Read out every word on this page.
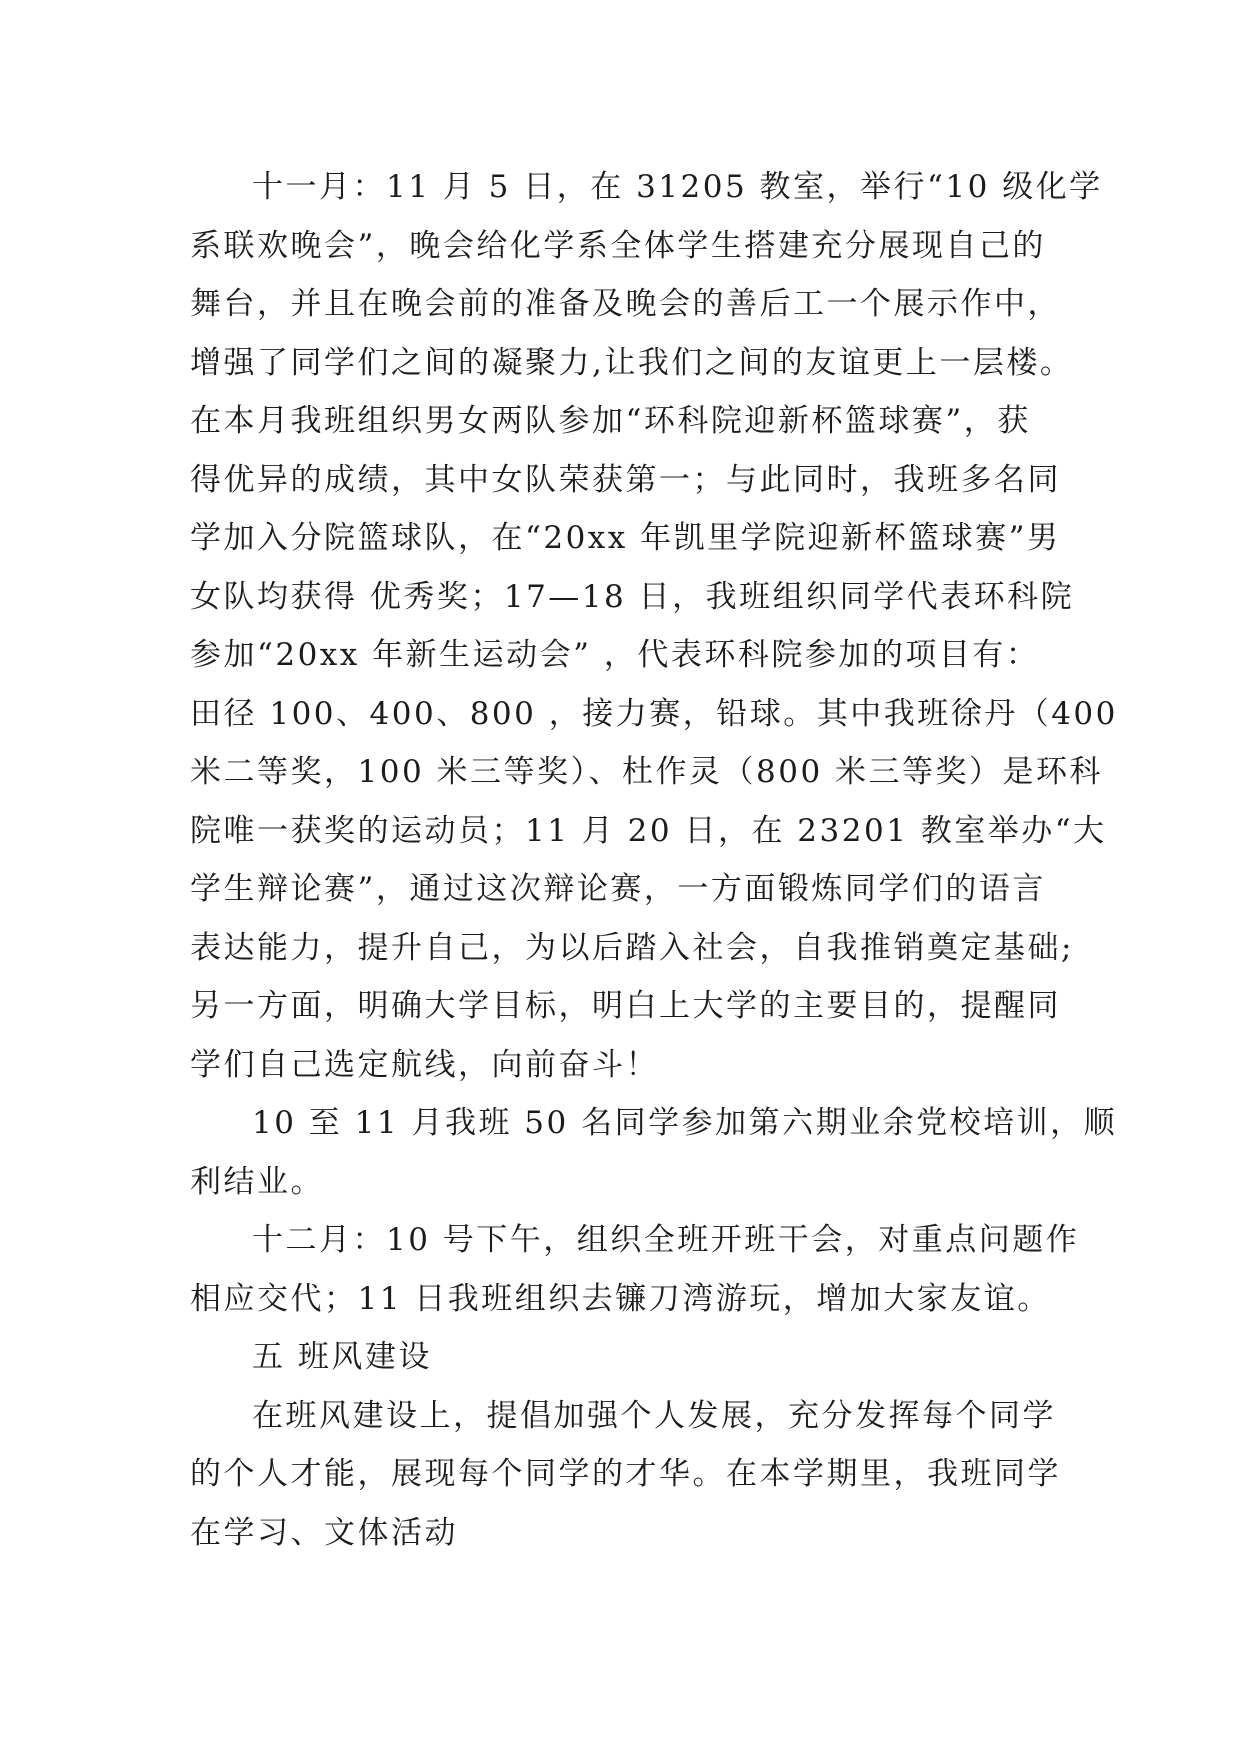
十一月：11 月 5 日，在 31205 教室，举行“10 级化学
系联欢晚会”，晚会给化学系全体学生搭建充分展现自己的
舞台，并且在晚会前的准备及晚会的善后工一个展示作中，
增强了同学们之间的凝聚力,让我们之间的友谊更上一层楼。
在本月我班组织男女两队参加“环科院迎新杯篮球赛”，获
得优异的成绩，其中女队荣获第一；与此同时，我班多名同
学加入分院篮球队，在“20xx 年凯里学院迎新杯篮球赛”男
女队均获得 优秀奖；17—18 日，我班组织同学代表环科院
参加“20xx 年新生运动会” ，代表环科院参加的项目有：
田径 100、400、800 ，接力赛，铅球。其中我班徐丹（400
米二等奖，100 米三等奖）、杜作灵（800 米三等奖）是环科
院唯一获奖的运动员；11 月 20 日，在 23201 教室举办“大
学生辩论赛”，通过这次辩论赛，一方面锻炼同学们的语言
表达能力，提升自己，为以后踏入社会，自我推销奠定基础;
另一方面，明确大学目标，明白上大学的主要目的，提醒同
学们自己选定航线，向前奋斗！

10 至 11 月我班 50 名同学参加第六期业余党校培训，顺
利结业。

十二月：10 号下午，组织全班开班干会，对重点问题作
相应交代；11 日我班组织去镰刀湾游玩，增加大家友谊。

五 班风建设

在班风建设上，提倡加强个人发展，充分发挥每个同学
的个人才能，展现每个同学的才华。在本学期里，我班同学
在学习、文体活动
